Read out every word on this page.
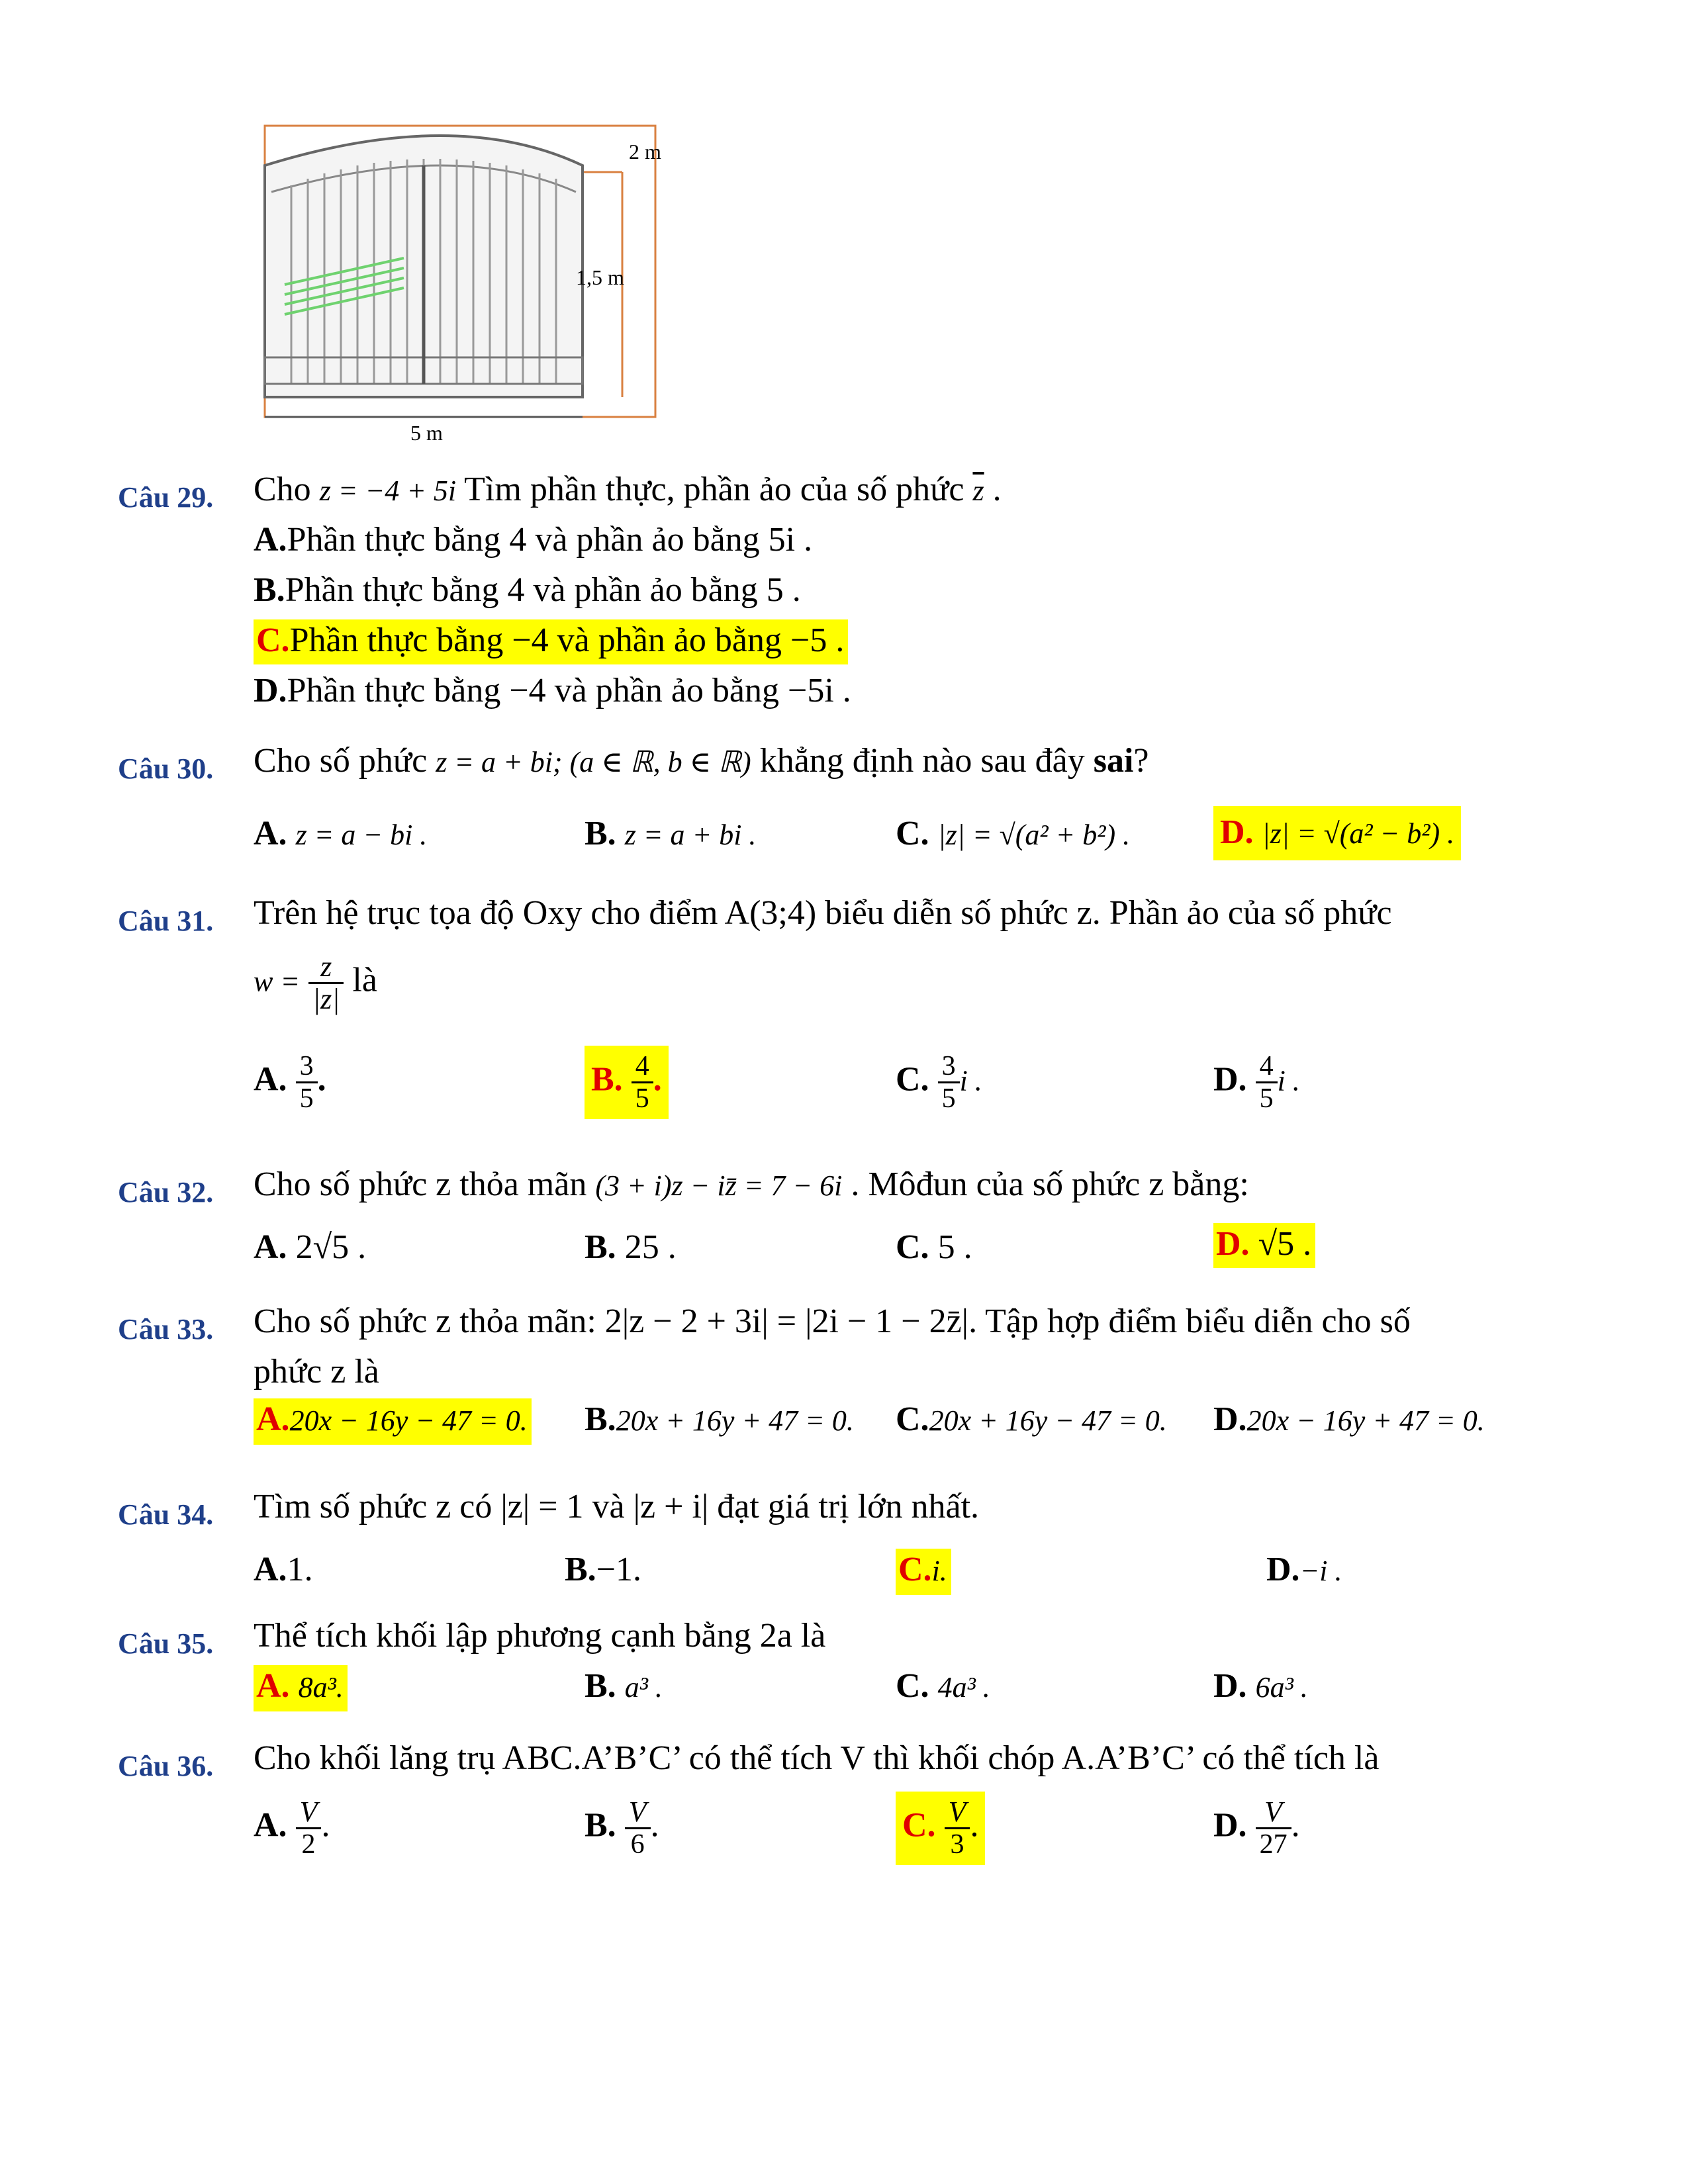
2 m
1,5 m
5 m
Câu 29. Cho z = −4 + 5i Tìm phần thực, phần ảo của số phức $\overline{z}$ .
A.Phần thực bằng 4 và phần ảo bằng 5i .
B.Phần thực bằng 4 và phần ảo bằng 5 .
C.Phần thực bằng −4 và phần ảo bằng −5 .
D.Phần thực bằng −4 và phần ảo bằng −5i .
Câu 30. Cho số phức z = a + bi; (a ∈ ℝ, b ∈ ℝ) khẳng định nào sau đây sai?
A. z = a − bi .	B. z = a + bi .	C. |z| = √(a² + b²) .	D. |z| = √(a² − b²) .
Câu 31. Trên hệ trục tọa độ Oxy cho điểm A(3;4) biểu diễn số phức z. Phần ảo của số phức
$w = \frac{z}{|z|}$ là
A. $\frac{3}{5}$ .	B. $\frac{4}{5}$ .	C. $\frac{3}{5}$ i .	D. $\frac{4}{5}$ i .
Câu 32. Cho số phức z thỏa mãn (3 + i)z − iz̄ = 7 − 6i . Môđun của số phức z bằng:
A. 2√5 .	B. 25 .	C. 5 .	D. √5 .
Câu 33. Cho số phức z thỏa mãn: 2|z − 2 + 3i| = |2i − 1 − 2z̄|. Tập hợp điểm biểu diễn cho số
phức z là
A.20x − 16y − 47 = 0. B.20x + 16y + 47 = 0. C.20x + 16y − 47 = 0. D.20x − 16y + 47 = 0.
Câu 34. Tìm số phức z có |z| = 1 và |z + i| đạt giá trị lớn nhất.
A.1.	B.−1.	C.i.	D.−i .
Câu 35. Thể tích khối lập phương cạnh bằng 2a là
A. 8a³.	B. a³ .	C. 4a³ .	D. 6a³ .
Câu 36. Cho khối lăng trụ ABC.A’B’C’ có thể tích V thì khối chóp A.A’B’C’ có thể tích là
A. $\frac{V}{2}$ .	B. $\frac{V}{6}$ .	C. $\frac{V}{3}$ .	D. $\frac{V}{27}$ .
